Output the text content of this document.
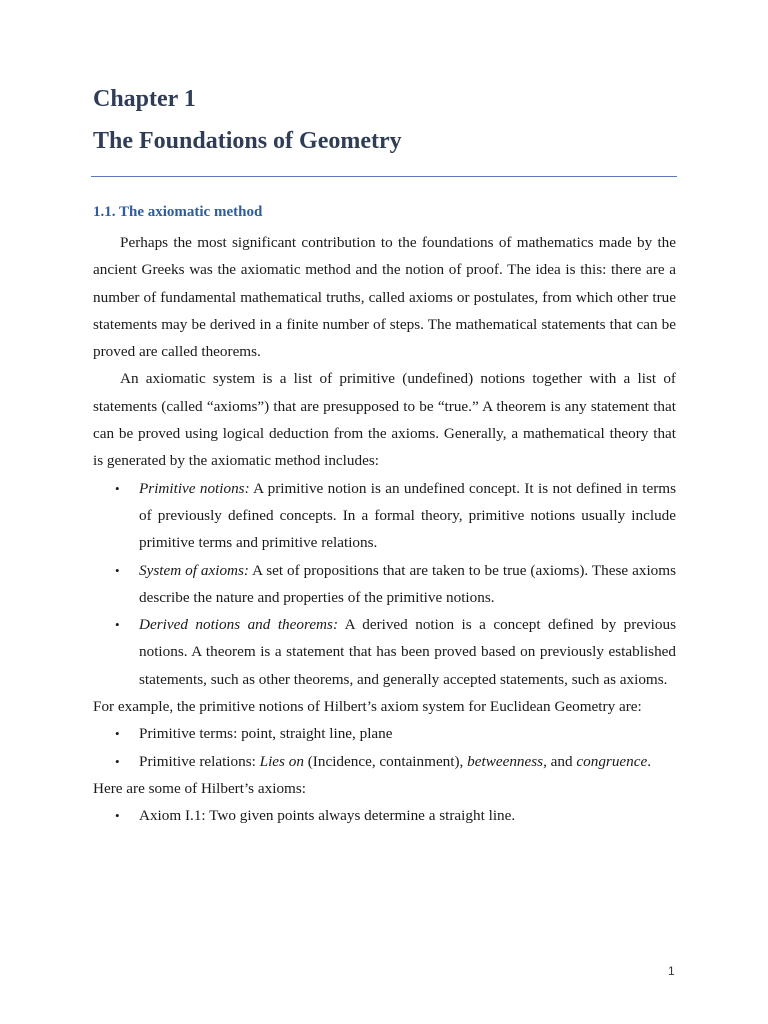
Chapter 1
The Foundations of Geometry
1.1. The axiomatic method

Perhaps the most significant contribution to the foundations of mathematics made by the ancient Greeks was the axiomatic method and the notion of proof. The idea is this: there are a number of fundamental mathematical truths, called axioms or postulates, from which other true statements may be derived in a finite number of steps. The mathematical statements that can be proved are called theorems.

An axiomatic system is a list of primitive (undefined) notions together with a list of statements (called “axioms”) that are presupposed to be “true.” A theorem is any statement that can be proved using logical deduction from the axioms. Generally, a mathematical theory that is generated by the axiomatic method includes:

• Primitive notions: A primitive notion is an undefined concept. It is not defined in terms of previously defined concepts. In a formal theory, primitive notions usually include primitive terms and primitive relations.
• System of axioms: A set of propositions that are taken to be true (axioms). These axioms describe the nature and properties of the primitive notions.
• Derived notions and theorems: A derived notion is a concept defined by previous notions. A theorem is a statement that has been proved based on previously established statements, such as other theorems, and generally accepted statements, such as axioms.

For example, the primitive notions of Hilbert’s axiom system for Euclidean Geometry are:

• Primitive terms: point, straight line, plane
• Primitive relations: Lies on (Incidence, containment), betweenness, and congruence.

Here are some of Hilbert’s axioms:

• Axiom I.1: Two given points always determine a straight line.
1
